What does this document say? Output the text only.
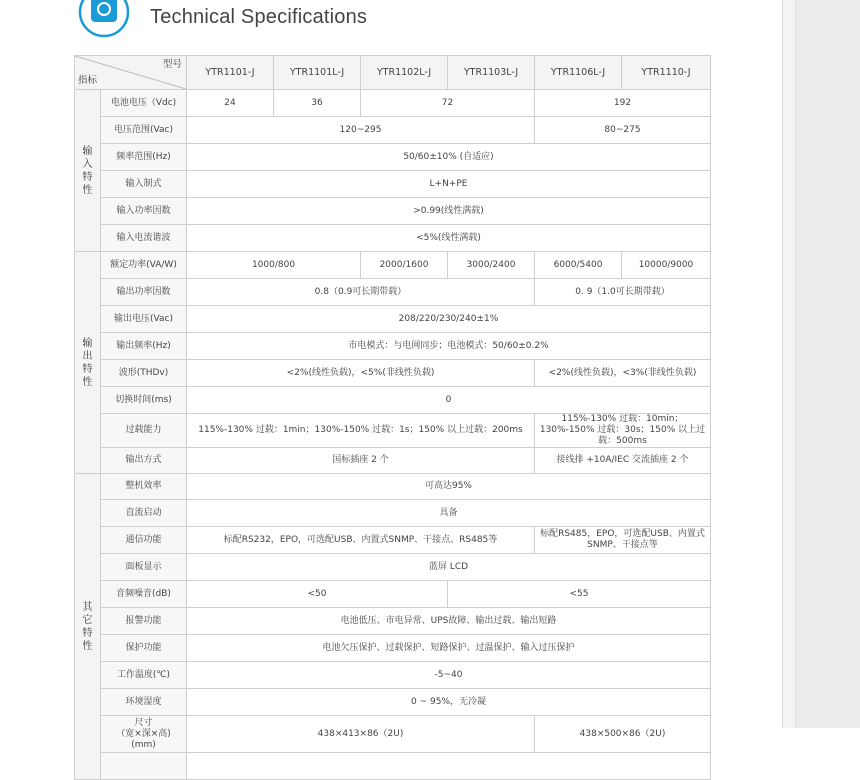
Technical Specifications
型号
指标		YTR1101-J	YTR1101L-J	YTR1102L-J	YTR1103L-J	YTR1106L-J	YTR1110-J

输入特性	电池电压（Vdc)	24	36	72		192	
	电压范围(Vac)	120~295				80~275	
	频率范围(Hz)	50/60±10% (自适应)					
	输入制式	L+N+PE					
	输入功率因数	>0.99(线性满载)					
	输入电流谐波	<5%(线性满载)					

输出特性	额定功率(VA/W)	1000/800		2000/1600	3000/2400	6000/5400	10000/9000
	输出功率因数	0.8（0.9可长期带载）				0. 9（1.0可长期带载）	
	输出电压(Vac)	208/220/230/240±1%					
	输出频率(Hz)	市电模式：与电网同步；电池模式：50/60±0.2%					
	波形(THDv)	<2%(线性负载)，<5%(非线性负载)				<2%(线性负载)，<3%(非线性负载)	
	切换时间(ms)	0					
	过载能力	115%-130% 过载：1min；130%-150% 过载：1s；150% 以上过载：200ms				115%-130% 过载：10min；130%-150% 过载：30s；150% 以上过载：500ms	
	输出方式	国标插座 2 个				接线排 +10A/IEC 交流插座 2 个	

其它特性	整机效率	可高达95%					
	直流启动	具备					
	通信功能	标配RS232，EPO，可选配USB、内置式SNMP、干接点、RS485等				标配RS485，EPO，可选配USB、内置式SNMP、干接点等	
	面板显示	蓝屏 LCD					
	音频噪音(dB)	<50			<55		
	报警功能	电池低压、市电异常、UPS故障、输出过载、输出短路					
	保护功能	电池欠压保护、过载保护、短路保护、过温保护、输入过压保护					
	工作温度(℃)	-5~40					
	环境湿度	0 ~ 95%，无冷凝					
	尺寸
（宽×深×高)
(mm)	438×413×86（2U)				438×500×86（2U)	
